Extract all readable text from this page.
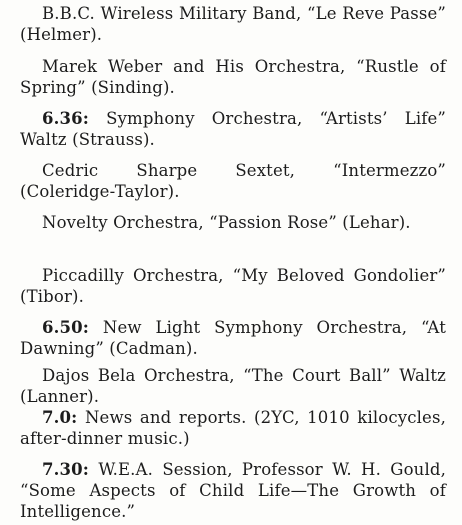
B.B.C. Wireless Military Band, “Le Reve Passe” (Helmer).

Marek Weber and His Orchestra, “Rustle of Spring” (Sinding).

6.36: Symphony Orchestra, “Artists’ Life” Waltz (Strauss).

Cedric Sharpe Sextet, “Intermezzo” (Coleridge-Taylor).

Novelty Orchestra, “Passion Rose” (Lehar).

Piccadilly Orchestra, “My Beloved Gondolier” (Tibor).

6.50: New Light Symphony Orchestra, “At Dawning” (Cadman).

Dajos Bela Orchestra, “The Court Ball” Waltz (Lanner).

7.0: News and reports. (2YC, 1010 kilocycles, after-dinner music.)

7.30: W.E.A. Session, Professor W. H. Gould, “Some Aspects of Child Life—The Growth of Intelligence.”
